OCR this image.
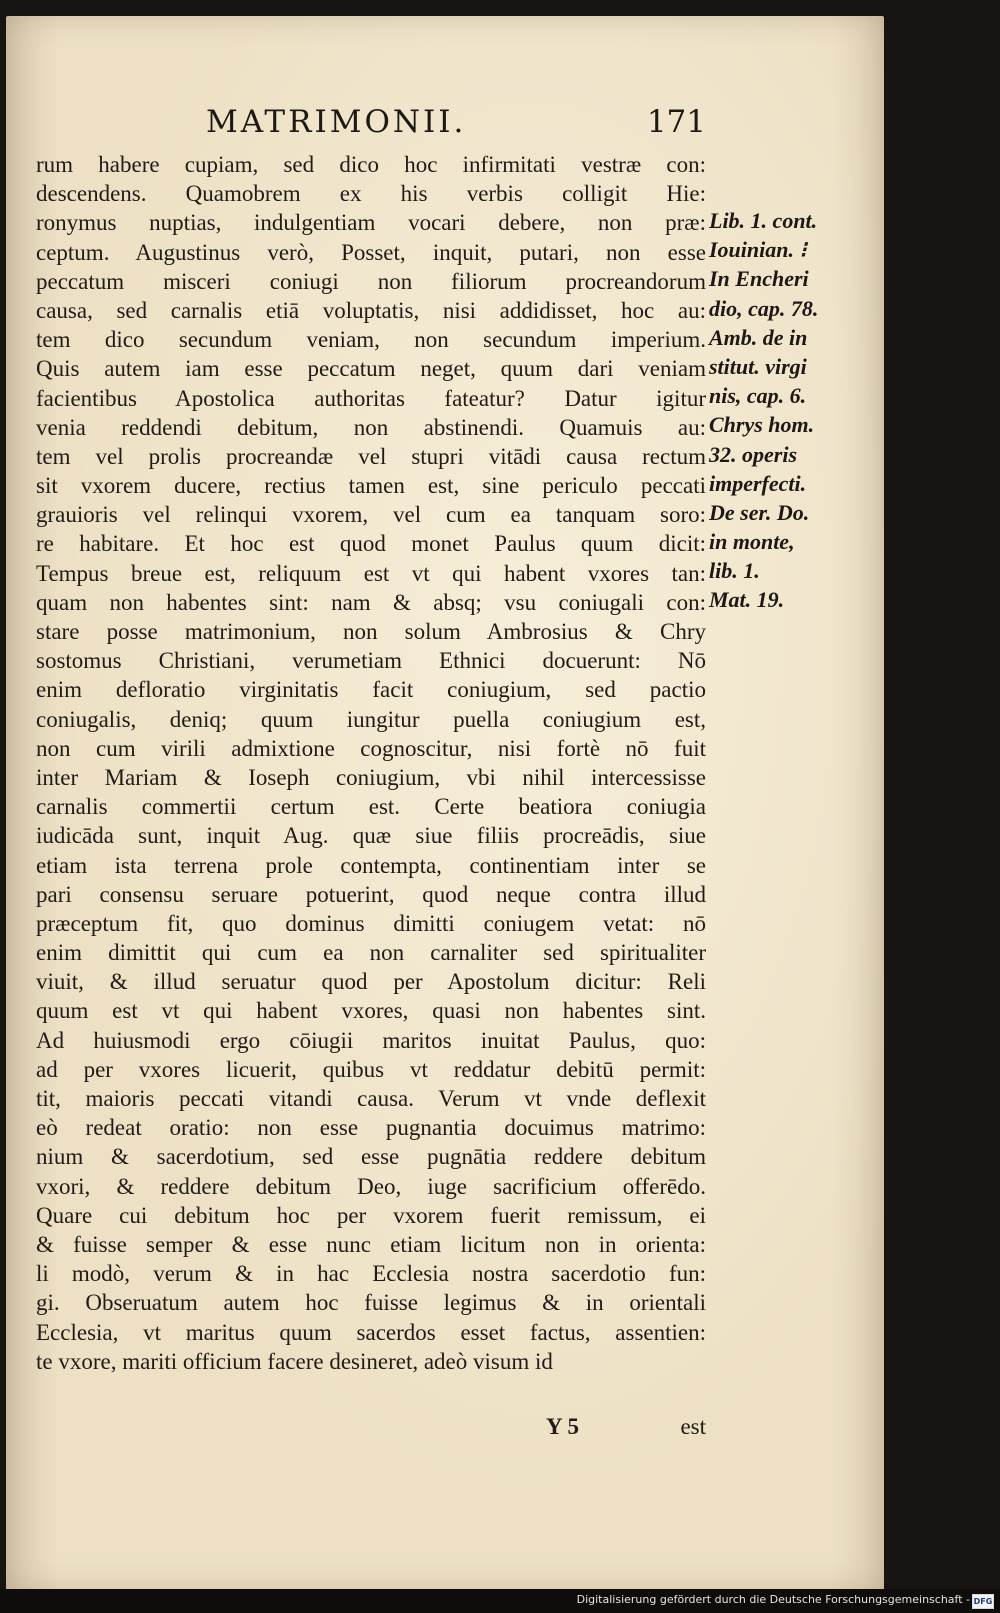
MATRIMONII.	171
rum habere cupiam, sed dico hoc infirmitati vestræ con:
descendens. Quamobrem ex his verbis colligit Hie:
ronymus nuptias, indulgentiam vocari debere, non præ:
ceptum. Augustinus verò, Posset, inquit, putari, non esse
peccatum misceri coniugi non filiorum procreandorum
causa, sed carnalis etiā voluptatis, nisi addidisset, hoc au:
tem dico secundum veniam, non secundum imperium.
Quis autem iam esse peccatum neget, quum dari veniam
facientibus Apostolica authoritas fateatur? Datur igitur
venia reddendi debitum, non abstinendi. Quamuis au:
tem vel prolis procreandæ vel stupri vitādi causa rectum
sit vxorem ducere, rectius tamen est, sine periculo peccati
grauioris vel relinqui vxorem, vel cum ea tanquam soro:
re habitare. Et hoc est quod monet Paulus quum dicit:
Tempus breue est, reliquum est vt qui habent vxores tan:
quam non habentes sint: nam & absq; vsu coniugali con:
stare posse matrimonium, non solum Ambrosius & Chry
sostomus Christiani, verumetiam Ethnici docuerunt: Nō
enim defloratio virginitatis facit coniugium, sed pactio
coniugalis, deniq; quum iungitur puella coniugium est,
non cum virili admixtione cognoscitur, nisi fortè nō fuit
inter Mariam & Ioseph coniugium, vbi nihil intercessisse
carnalis commertii certum est. Certe beatiora coniugia
iudicāda sunt, inquit Aug. quæ siue filiis procreādis, siue
etiam ista terrena prole contempta, continentiam inter se
pari consensu seruare potuerint, quod neque contra illud
præceptum fit, quo dominus dimitti coniugem vetat: nō
enim dimittit qui cum ea non carnaliter sed spiritualiter
viuit, & illud seruatur quod per Apostolum dicitur: Reli
quum est vt qui habent vxores, quasi non habentes sint.
Ad huiusmodi ergo cōiugii maritos inuitat Paulus, quo:
ad per vxores licuerit, quibus vt reddatur debitū permit:
tit, maioris peccati vitandi causa. Verum vt vnde deflexit
eò redeat oratio: non esse pugnantia docuimus matrimo:
nium & sacerdotium, sed esse pugnātia reddere debitum
vxori, & reddere debitum Deo, iuge sacrificium offerēdo.
Quare cui debitum hoc per vxorem fuerit remissum, ei
& fuisse semper & esse nunc etiam licitum non in orienta:
li modò, verum & in hac Ecclesia nostra sacerdotio fun:
gi. Obseruatum autem hoc fuisse legimus & in orientali
Ecclesia, vt maritus quum sacerdos esset factus, assentien:
te vxore, mariti officium facere desineret, adeò visum id
Lib. 1. cont.
Iouinian. ⁝
In Encheri
dio, cap. 78.
Amb. de in
stitut. virgi
nis, cap. 6.
Chrys hom.
32. operis
imperfecti.
De ser. Do.
in monte,
lib. 1.
Mat. 19.
Y 5	est
Digitalisierung gefördert durch die Deutsche Forschungsgemeinschaft - DFG
